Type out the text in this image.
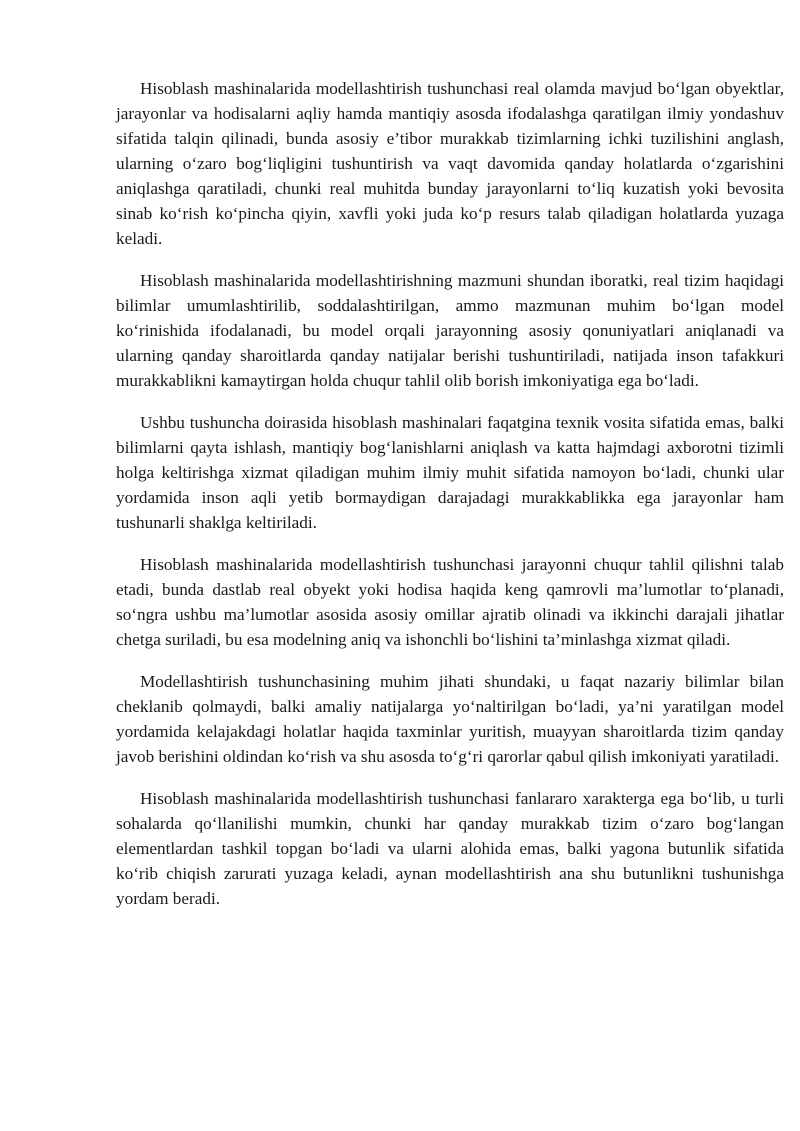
Hisoblash mashinalarida modellashtirish tushunchasi real olamda mavjud bo‘lgan obyektlar, jarayonlar va hodisalarni aqliy hamda mantiqiy asosda ifodalashga qaratilgan ilmiy yondashuv sifatida talqin qilinadi, bunda asosiy e’tibor murakkab tizimlarning ichki tuzilishini anglash, ularning o‘zaro bog‘liqligini tushuntirish va vaqt davomida qanday holatlarda o‘zgarishini aniqlashga qaratiladi, chunki real muhitda bunday jarayonlarni to‘liq kuzatish yoki bevosita sinab ko‘rish ko‘pincha qiyin, xavfli yoki juda ko‘p resurs talab qiladigan holatlarda yuzaga keladi.

Hisoblash mashinalarida modellashtirishning mazmuni shundan iboratki, real tizim haqidagi bilimlar umumlashtirilib, soddalashtirilgan, ammo mazmunan muhim bo‘lgan model ko‘rinishida ifodalanadi, bu model orqali jarayonning asosiy qonuniyatlari aniqlanadi va ularning qanday sharoitlarda qanday natijalar berishi tushuntiriladi, natijada inson tafakkuri murakkablikni kamaytirgan holda chuqur tahlil olib borish imkoniyatiga ega bo‘ladi.

Ushbu tushuncha doirasida hisoblash mashinalari faqatgina texnik vosita sifatida emas, balki bilimlarni qayta ishlash, mantiqiy bog‘lanishlarni aniqlash va katta hajmdagi axborotni tizimli holga keltirishga xizmat qiladigan muhim ilmiy muhit sifatida namoyon bo‘ladi, chunki ular yordamida inson aqli yetib bormaydigan darajadagi murakkablikka ega jarayonlar ham tushunarli shaklga keltiriladi.

Hisoblash mashinalarida modellashtirish tushunchasi jarayonni chuqur tahlil qilishni talab etadi, bunda dastlab real obyekt yoki hodisa haqida keng qamrovli ma’lumotlar to‘planadi, so‘ngra ushbu ma’lumotlar asosida asosiy omillar ajratib olinadi va ikkinchi darajali jihatlar chetga suriladi, bu esa modelning aniq va ishonchli bo‘lishini ta’minlashga xizmat qiladi.

Modellashtirish tushunchasining muhim jihati shundaki, u faqat nazariy bilimlar bilan cheklanib qolmaydi, balki amaliy natijalarga yo‘naltirilgan bo‘ladi, ya’ni yaratilgan model yordamida kelajakdagi holatlar haqida taxminlar yuritish, muayyan sharoitlarda tizim qanday javob berishini oldindan ko‘rish va shu asosda to‘g‘ri qarorlar qabul qilish imkoniyati yaratiladi.

Hisoblash mashinalarida modellashtirish tushunchasi fanlararo xarakterga ega bo‘lib, u turli sohalarda qo‘llanilishi mumkin, chunki har qanday murakkab tizim o‘zaro bog‘langan elementlardan tashkil topgan bo‘ladi va ularni alohida emas, balki yagona butunlik sifatida ko‘rib chiqish zarurati yuzaga keladi, aynan modellashtirish ana shu butunlikni tushunishga yordam beradi.
